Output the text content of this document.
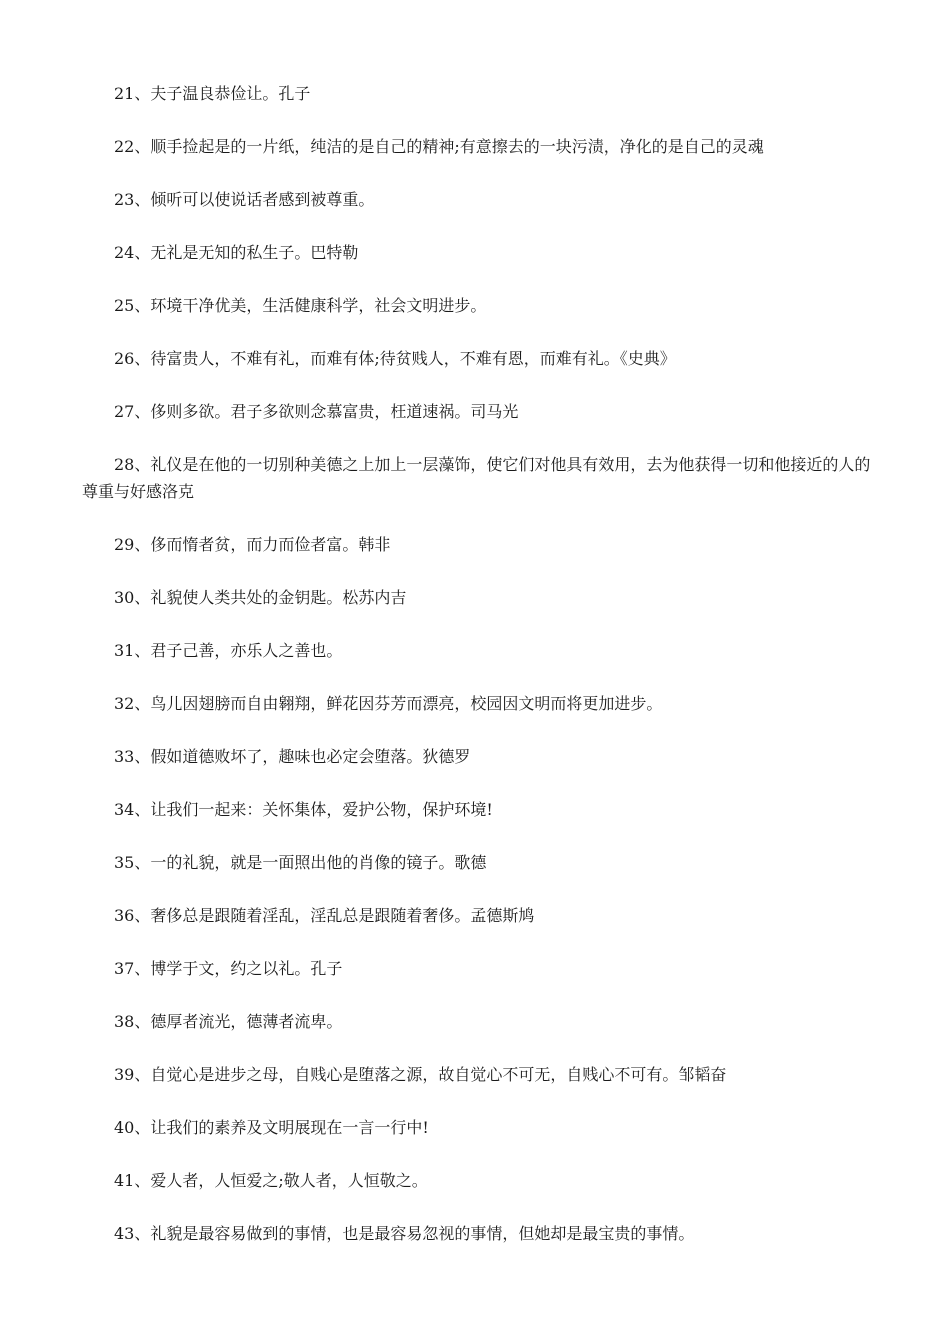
21、夫子温良恭俭让。孔子
22、顺手捡起是的一片纸，纯洁的是自己的精神;有意擦去的一块污渍，净化的是自己的灵魂
23、倾听可以使说话者感到被尊重。
24、无礼是无知的私生子。巴特勒
25、环境干净优美，生活健康科学，社会文明进步。
26、待富贵人，不难有礼，而难有体;待贫贱人，不难有恩，而难有礼。《史典》
27、侈则多欲。君子多欲则念慕富贵，枉道速祸。司马光
28、礼仪是在他的一切别种美德之上加上一层藻饰，使它们对他具有效用，去为他获得一切和他接近的人的尊重与好感洛克
29、侈而惰者贫，而力而俭者富。韩非
30、礼貌使人类共处的金钥匙。松苏内吉
31、君子己善，亦乐人之善也。
32、鸟儿因翅膀而自由翱翔，鲜花因芬芳而漂亮，校园因文明而将更加进步。
33、假如道德败坏了，趣味也必定会堕落。狄德罗
34、让我们一起来：关怀集体，爱护公物，保护环境!
35、一的礼貌，就是一面照出他的肖像的镜子。歌德
36、奢侈总是跟随着淫乱，淫乱总是跟随着奢侈。孟德斯鸠
37、博学于文，约之以礼。孔子
38、德厚者流光，德薄者流卑。
39、自觉心是进步之母，自贱心是堕落之源，故自觉心不可无，自贱心不可有。邹韬奋
40、让我们的素养及文明展现在一言一行中!
41、爱人者，人恒爱之;敬人者，人恒敬之。
43、礼貌是最容易做到的事情，也是最容易忽视的事情，但她却是最宝贵的事情。
